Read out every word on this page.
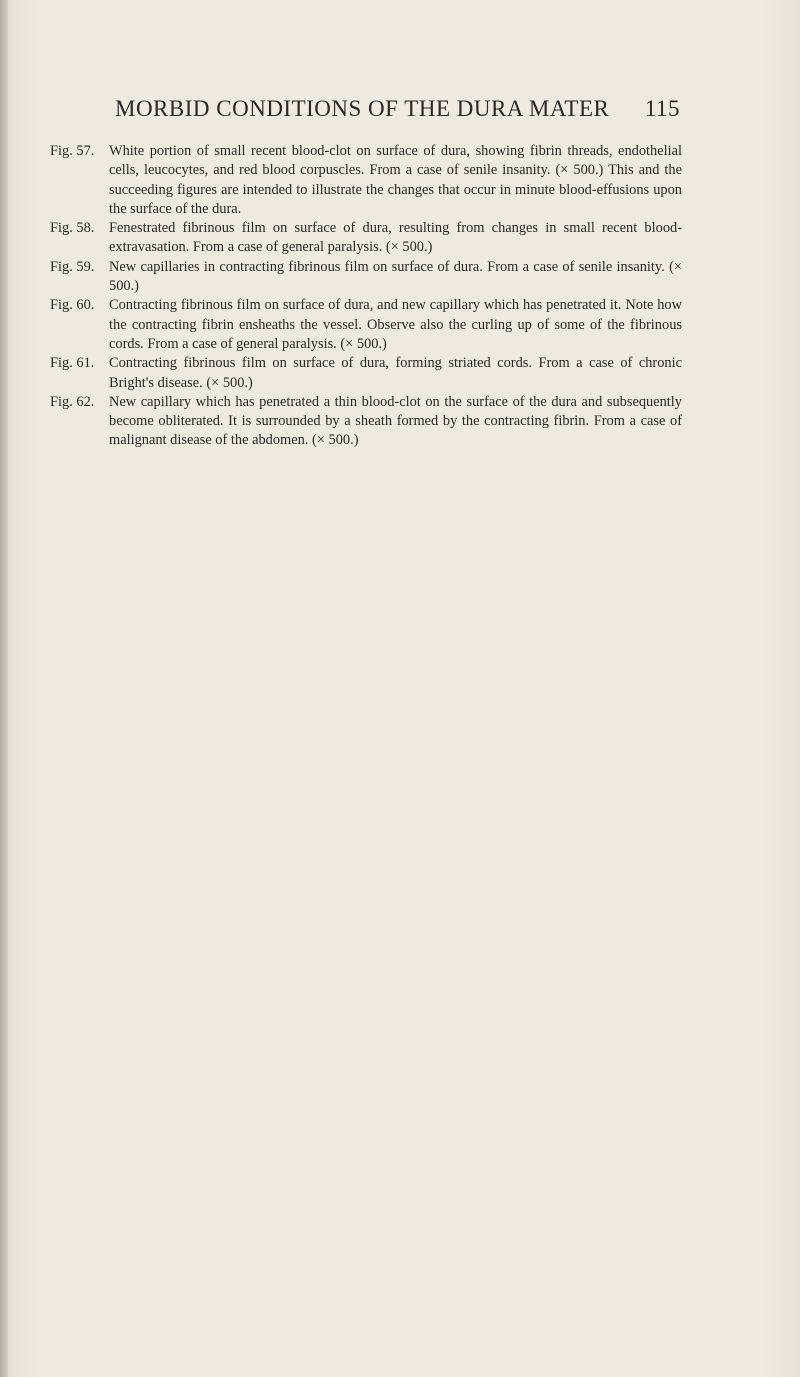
MORBID CONDITIONS OF THE DURA MATER 115

Fig. 57. White portion of small recent blood-clot on surface of dura, showing fibrin threads, endothelial cells, leucocytes, and red blood corpuscles. From a case of senile insanity. (× 500.) This and the succeeding figures are intended to illustrate the changes that occur in minute blood-effusions upon the surface of the dura.

Fig. 58. Fenestrated fibrinous film on surface of dura, resulting from changes in small recent blood-extravasation. From a case of general paralysis. (× 500.)

Fig. 59. New capillaries in contracting fibrinous film on surface of dura. From a case of senile insanity. (× 500.)

Fig. 60. Contracting fibrinous film on surface of dura, and new capillary which has penetrated it. Note how the contracting fibrin ensheaths the vessel. Observe also the curling up of some of the fibrinous cords. From a case of general paralysis. (× 500.)

Fig. 61. Contracting fibrinous film on surface of dura, forming striated cords. From a case of chronic Bright's disease. (× 500.)

Fig. 62. New capillary which has penetrated a thin blood-clot on the surface of the dura and subsequently become obliterated. It is surrounded by a sheath formed by the contracting fibrin. From a case of malignant disease of the abdomen. (× 500.)
